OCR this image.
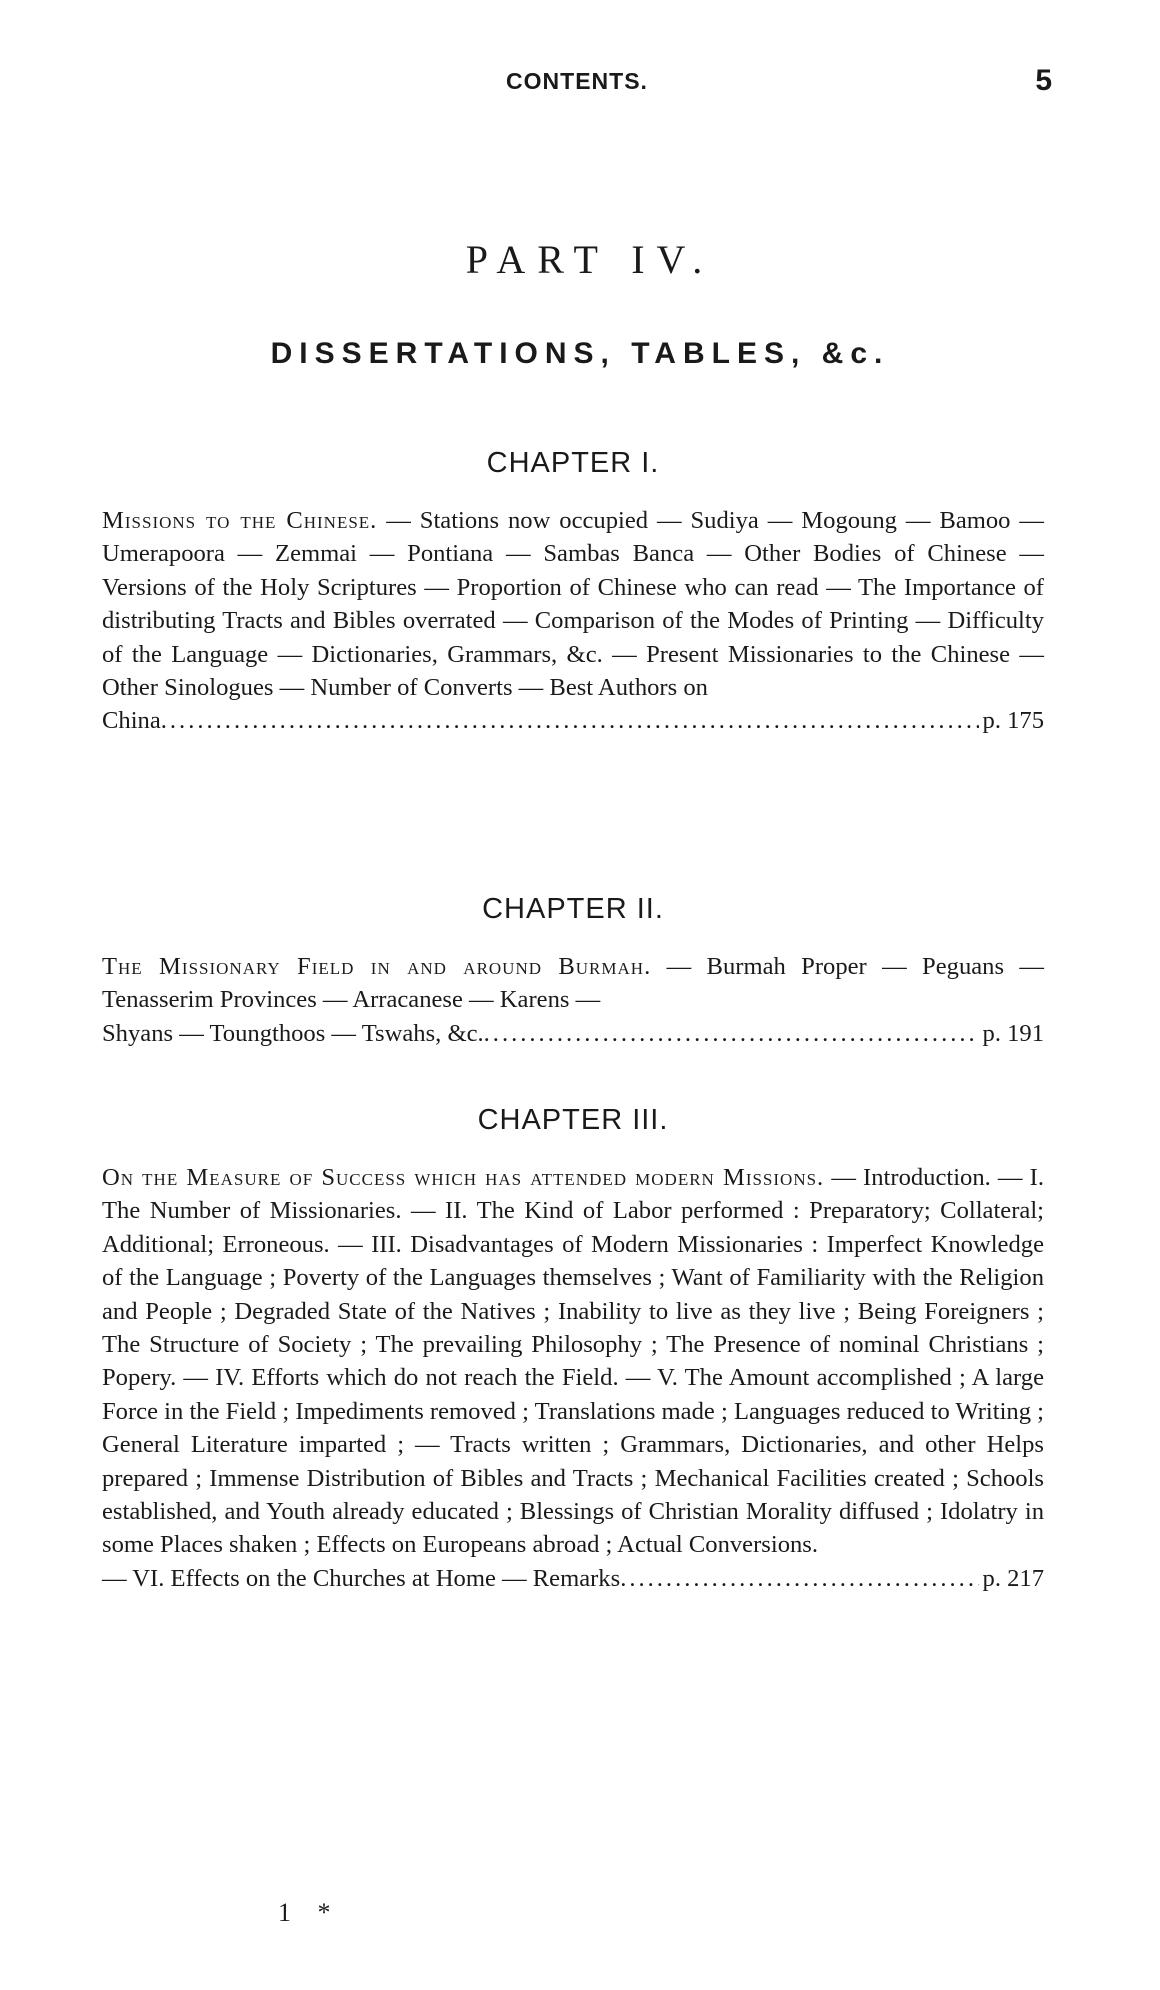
CONTENTS.	5
PART IV.
DISSERTATIONS, TABLES, &c.
CHAPTER I.
Missions to the Chinese. — Stations now occupied — Sudiya — Mogoung — Bamoo — Umerapoora — Zemmai — Pontiana — Sambas Banca — Other Bodies of Chinese — Versions of the Holy Scriptures — Proportion of Chinese who can read — The Importance of distributing Tracts and Bibles overrated — Comparison of the Modes of Printing — Difficulty of the Language — Dictionaries, Grammars, &c. — Present Missionaries to the Chinese — Other Sinologues — Number of Converts — Best Authors on
China .....	p. 175
CHAPTER II.
The Missionary Field in and around Burmah. — Burmah Proper — Peguans — Tenasserim Provinces — Arracanese — Karens —
Shyans — Toungthoos — Tswahs, &c. .....	p. 191
CHAPTER III.
On the Measure of Success which has attended modern Missions. — Introduction. — I. The Number of Missionaries. — II. The Kind of Labor performed : Preparatory; Collateral; Additional; Erroneous. — III. Disadvantages of Modern Missionaries : Imperfect Knowledge of the Language ; Poverty of the Languages themselves ; Want of Familiarity with the Religion and People ; Degraded State of the Natives ; Inability to live as they live ; Being Foreigners ; The Structure of Society ; The prevailing Philosophy ; The Presence of nominal Christians ; Popery. — IV. Efforts which do not reach the Field. — V. The Amount accomplished ; A large Force in the Field ; Impediments removed ; Translations made ; Languages reduced to Writing ; General Literature imparted ; — Tracts written ; Grammars, Dictionaries, and other Helps prepared ; Immense Distribution of Bibles and Tracts ; Mechanical Facilities created ; Schools established, and Youth already educated ; Blessings of Christian Morality diffused ; Idolatry in some Places shaken ; Effects on Europeans abroad ; Actual Conversions.
— VI. Effects on the Churches at Home — Remarks .....	p. 217
1 *
